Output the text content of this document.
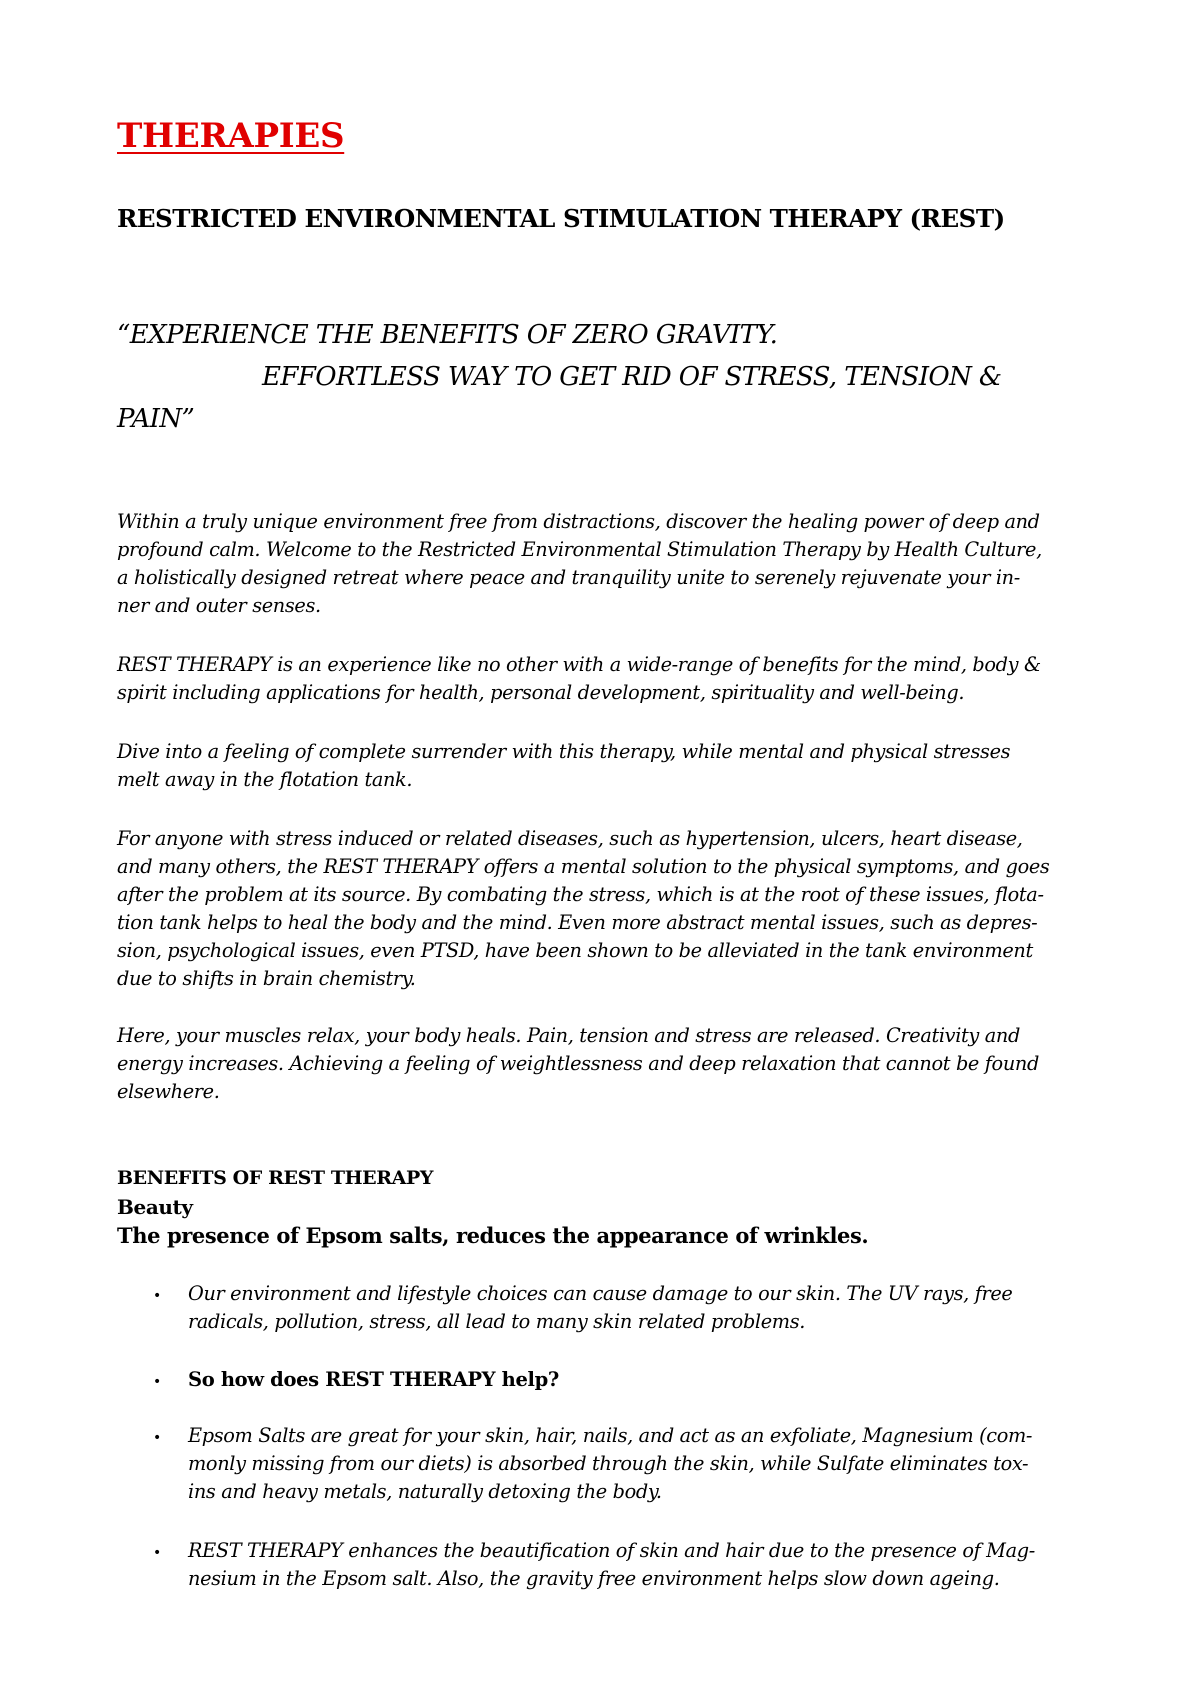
THERAPIES
RESTRICTED ENVIRONMENTAL STIMULATION THERAPY (REST)
“EXPERIENCE THE BENEFITS OF ZERO GRAVITY.
EFFORTLESS WAY TO GET RID OF STRESS, TENSION &
PAIN”
Within a truly unique environment free from distractions, discover the healing power of deep and
profound calm. Welcome to the Restricted Environmental Stimulation Therapy by Health Culture,
a holistically designed retreat where peace and tranquility unite to serenely rejuvenate your in-
ner and outer senses.
REST THERAPY is an experience like no other with a wide-range of benefits for the mind, body &
spirit including applications for health, personal development, spirituality and well-being.
Dive into a feeling of complete surrender with this therapy, while mental and physical stresses
melt away in the flotation tank.
For anyone with stress induced or related diseases, such as hypertension, ulcers, heart disease,
and many others, the REST THERAPY offers a mental solution to the physical symptoms, and goes
after the problem at its source. By combating the stress, which is at the root of these issues, flota-
tion tank helps to heal the body and the mind. Even more abstract mental issues, such as depres-
sion, psychological issues, even PTSD, have been shown to be alleviated in the tank environment
due to shifts in brain chemistry.
Here, your muscles relax, your body heals. Pain, tension and stress are released. Creativity and
energy increases. Achieving a feeling of weightlessness and deep relaxation that cannot be found
elsewhere.
BENEFITS OF REST THERAPY
Beauty
The presence of Epsom salts, reduces the appearance of wrinkles.
• Our environment and lifestyle choices can cause damage to our skin. The UV rays, free
radicals, pollution, stress, all lead to many skin related problems.
• So how does REST THERAPY help?
• Epsom Salts are great for your skin, hair, nails, and act as an exfoliate, Magnesium (com-
monly missing from our diets) is absorbed through the skin, while Sulfate eliminates tox-
ins and heavy metals, naturally detoxing the body.
• REST THERAPY enhances the beautification of skin and hair due to the presence of Mag-
nesium in the Epsom salt. Also, the gravity free environment helps slow down ageing.
